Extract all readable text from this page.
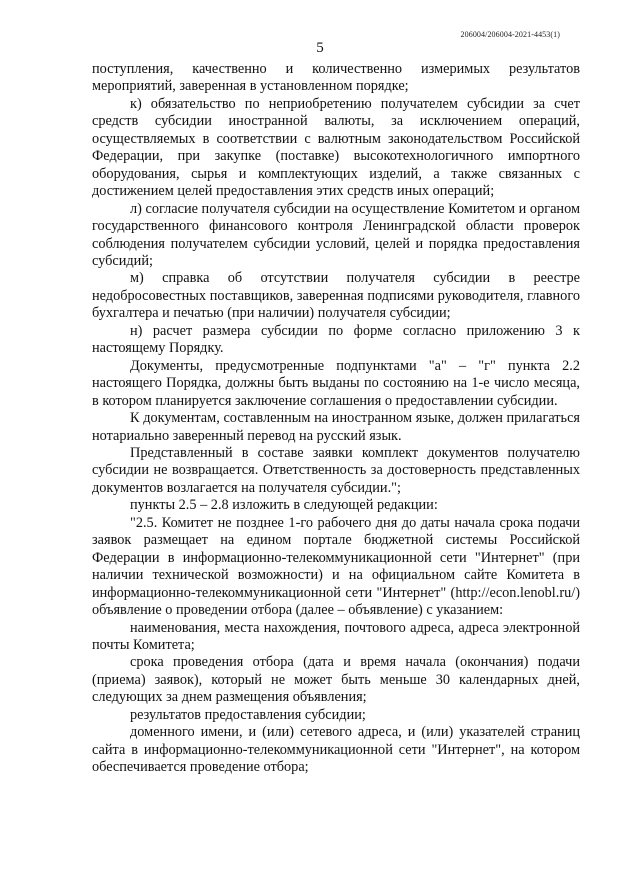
206004/206004-2021-4453(1)
5

поступления, качественно и количественно измеримых результатов мероприятий, заверенная в установленном порядке;

к) обязательство по неприобретению получателем субсидии за счет средств субсидии иностранной валюты, за исключением операций, осуществляемых в соответствии с валютным законодательством Российской Федерации, при закупке (поставке) высокотехнологичного импортного оборудования, сырья и комплектующих изделий, а также связанных с достижением целей предоставления этих средств иных операций;

л) согласие получателя субсидии на осуществление Комитетом и органом государственного финансового контроля Ленинградской области проверок соблюдения получателем субсидии условий, целей и порядка предоставления субсидий;

м) справка об отсутствии получателя субсидии в реестре недобросовестных поставщиков, заверенная подписями руководителя, главного бухгалтера и печатью (при наличии) получателя субсидии;

н) расчет размера субсидии по форме согласно приложению 3 к настоящему Порядку.

Документы, предусмотренные подпунктами "а" – "г" пункта 2.2 настоящего Порядка, должны быть выданы по состоянию на 1-е число месяца, в котором планируется заключение соглашения о предоставлении субсидии.

К документам, составленным на иностранном языке, должен прилагаться нотариально заверенный перевод на русский язык.

Представленный в составе заявки комплект документов получателю субсидии не возвращается. Ответственность за достоверность представленных документов возлагается на получателя субсидии.";

пункты 2.5 – 2.8 изложить в следующей редакции:

"2.5. Комитет не позднее 1-го рабочего дня до даты начала срока подачи заявок размещает на едином портале бюджетной системы Российской Федерации в информационно-телекоммуникационной сети "Интернет" (при наличии технической возможности) и на официальном сайте Комитета в информационно-телекоммуникационной сети "Интернет" (http://econ.lenobl.ru/) объявление о проведении отбора (далее – объявление) с указанием:

наименования, места нахождения, почтового адреса, адреса электронной почты Комитета;

срока проведения отбора (дата и время начала (окончания) подачи (приема) заявок), который не может быть меньше 30 календарных дней, следующих за днем размещения объявления;

результатов предоставления субсидии;

доменного имени, и (или) сетевого адреса, и (или) указателей страниц сайта в информационно-телекоммуникационной сети "Интернет", на котором обеспечивается проведение отбора;
